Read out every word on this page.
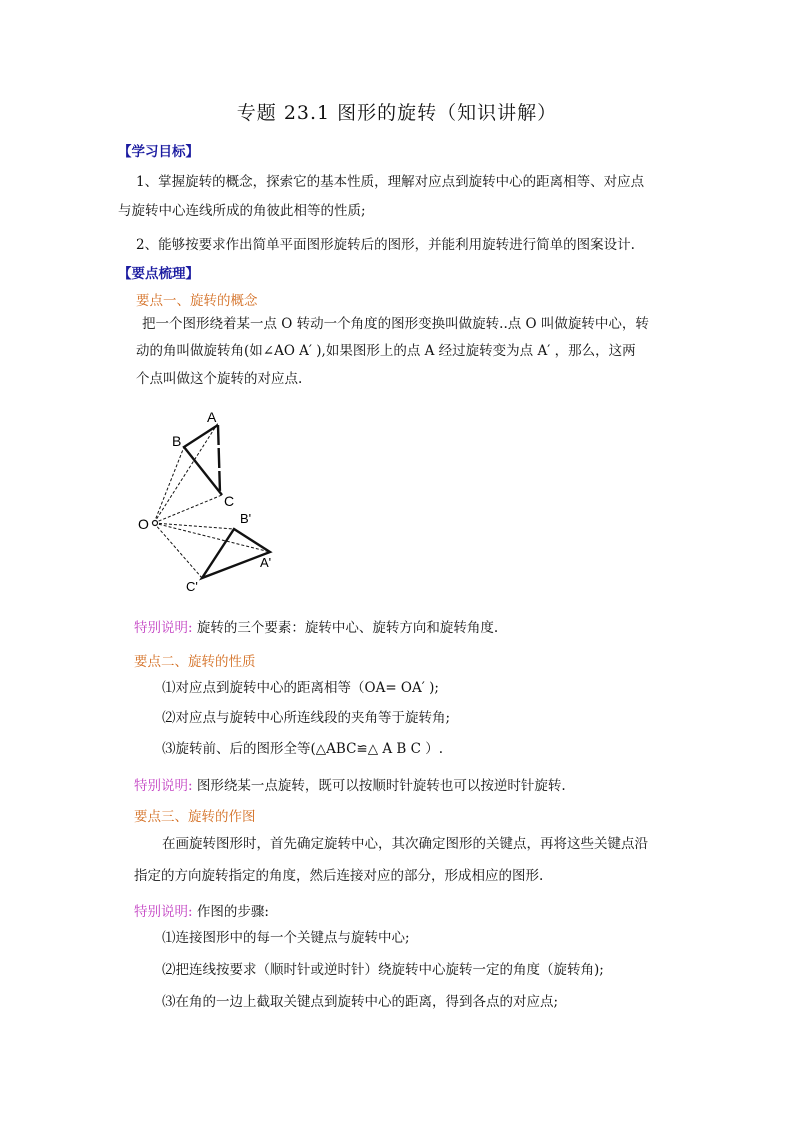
专题 23.1 图形的旋转（知识讲解）
【学习目标】
1、掌握旋转的概念，探索它的基本性质，理解对应点到旋转中心的距离相等、对应点
与旋转中心连线所成的角彼此相等的性质;
2、能够按要求作出简单平面图形旋转后的图形，并能利用旋转进行简单的图案设计.
【要点梳理】
要点一、旋转的概念
把一个图形绕着某一点 O 转动一个角度的图形变换叫做旋转..点 O 叫做旋转中心，转
动的角叫做旋转角(如∠AO A′ ),如果图形上的点 A 经过旋转变为点 A′ ，那么，这两
个点叫做这个旋转的对应点.
A
B
C
O	B'
A'
C'
特别说明: 旋转的三个要素：旋转中心、旋转方向和旋转角度.
要点二、旋转的性质
⑴对应点到旋转中心的距离相等（OA= OA′ );
⑵对应点与旋转中心所连线段的夹角等于旋转角;
⑶旋转前、后的图形全等(△ABC≌△ A B C ）.
特别说明: 图形绕某一点旋转，既可以按顺时针旋转也可以按逆时针旋转.
要点三、旋转的作图
在画旋转图形时，首先确定旋转中心，其次确定图形的关键点，再将这些关键点沿
指定的方向旋转指定的角度，然后连接对应的部分，形成相应的图形.
特别说明: 作图的步骤:
⑴连接图形中的每一个关键点与旋转中心;
⑵把连线按要求（顺时针或逆时针）绕旋转中心旋转一定的角度（旋转角);
⑶在角的一边上截取关键点到旋转中心的距离，得到各点的对应点;
